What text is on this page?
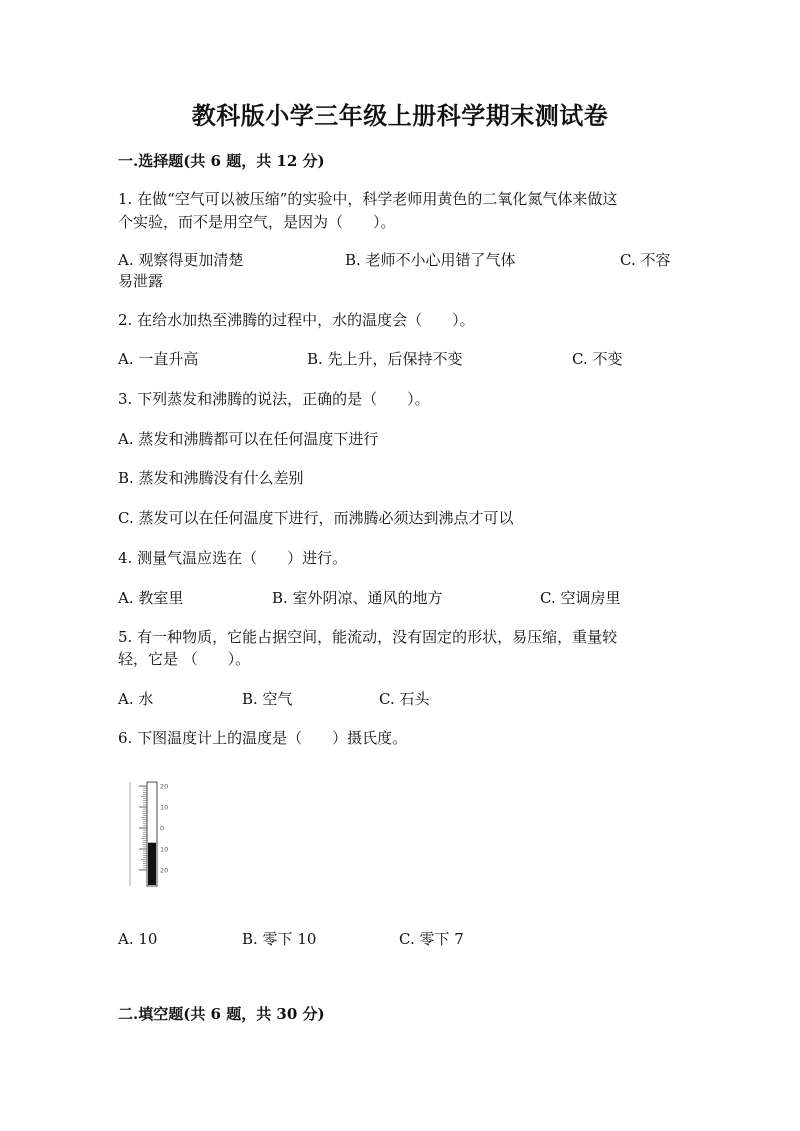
教科版小学三年级上册科学期末测试卷
一.选择题(共 6 题，共 12 分)
1. 在做“空气可以被压缩”的实验中，科学老师用黄色的二氧化氮气体来做这
个实验，而不是用空气，是因为（　　）。
A. 观察得更加清楚	B. 老师不小心用错了气体	C. 不容
易泄露
2. 在给水加热至沸腾的过程中，水的温度会（　　）。
A. 一直升高	B. 先上升，后保持不变	C. 不变
3. 下列蒸发和沸腾的说法，正确的是（　　）。
A. 蒸发和沸腾都可以在任何温度下进行
B. 蒸发和沸腾没有什么差别
C. 蒸发可以在任何温度下进行，而沸腾必须达到沸点才可以
4. 测量气温应选在（　　）进行。
A. 教室里	B. 室外阴凉、通风的地方	C. 空调房里
5. 有一种物质，它能占据空间，能流动，没有固定的形状，易压缩，重量较
轻，它是 （　　）。
A. 水	B. 空气	C. 石头
6. 下图温度计上的温度是（　　）摄氏度。
20
10
0
10
20
A. 10	B. 零下 10	C. 零下 7
二.填空题(共 6 题，共 30 分)
